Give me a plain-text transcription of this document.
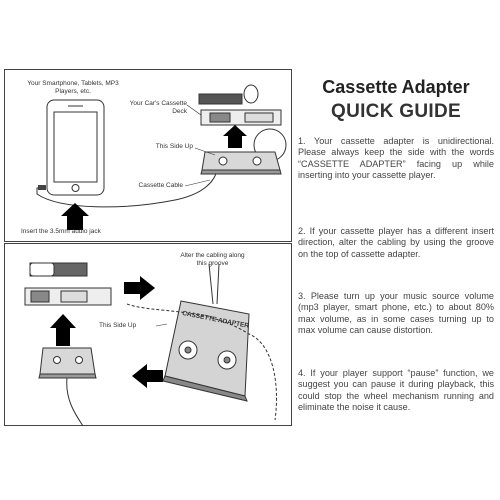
Your Smartphone, Tablets, MP3 Players, etc.
Your Car's Cassette Deck
This Side Up
Cassette Cable
Insert the 3.5mm audio jack
Alter the cabling along this groove
This Side Up	CASSETTE ADAPTER
Cassette Adapter
QUICK GUIDE

1. Your cassette adapter is unidirectional. Please always keep the side with the words “CASSETTE ADAPTER” facing up while inserting into your cassette player.

2. If your cassette player has a different insert direction, alter the cabling by using the groove on the top of cassette adapter.

3. Please turn up your music source volume (mp3 player, smart phone, etc.) to about 80% max volume, as in some cases turning up to max volume can cause distortion.

4. If your player support “pause” function, we suggest you can pause it during playback, this could stop the wheel mechanism running and eliminate the noise it cause.
